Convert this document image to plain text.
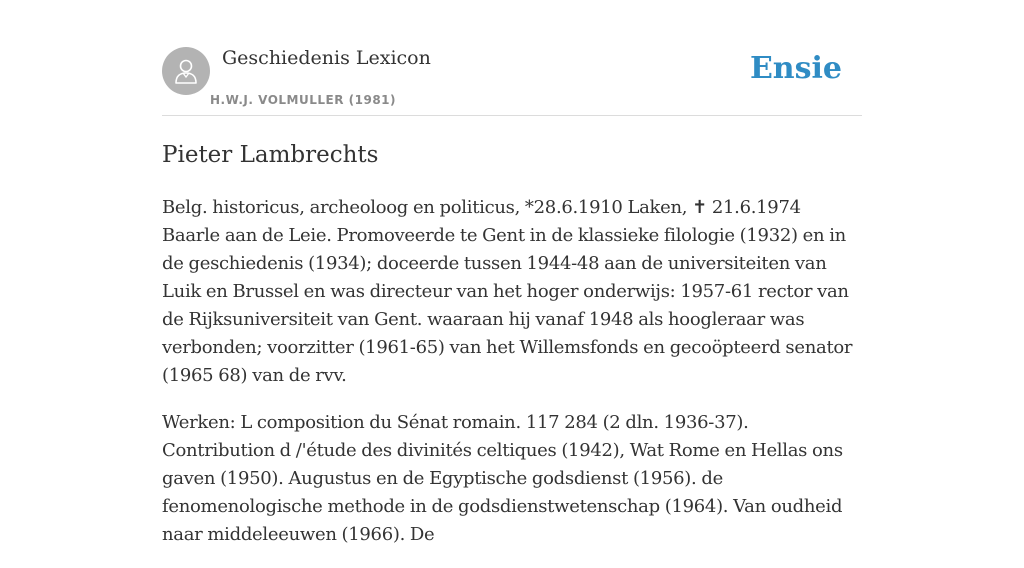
Geschiedenis Lexicon
H.W.J. VOLMULLER (1981)
Ensie
Pieter Lambrechts

Belg. historicus, archeoloog en politicus, *28.6.1910 Laken, ✝ 21.6.1974 Baarle aan de Leie. Promoveerde te Gent in de klassieke filologie (1932) en in de geschiedenis (1934); doceerde tussen 1944-48 aan de universiteiten van Luik en Brussel en was directeur van het hoger onderwijs: 1957-61 rector van de Rijksuniversiteit van Gent. waaraan hij vanaf 1948 als hoogleraar was verbonden; voorzitter (1961-65) van het Willemsfonds en gecoöpteerd senator (1965 68) van de rvv.

Werken: L composition du Sénat romain. 117 284 (2 dln. 1936-37). Contribution d /'étude des divinités celtiques (1942), Wat Rome en Hellas ons gaven (1950). Augustus en de Egyptische godsdienst (1956). de fenomenologische methode in de godsdienstwetenschap (1964). Van oudheid naar middeleeuwen (1966). De
